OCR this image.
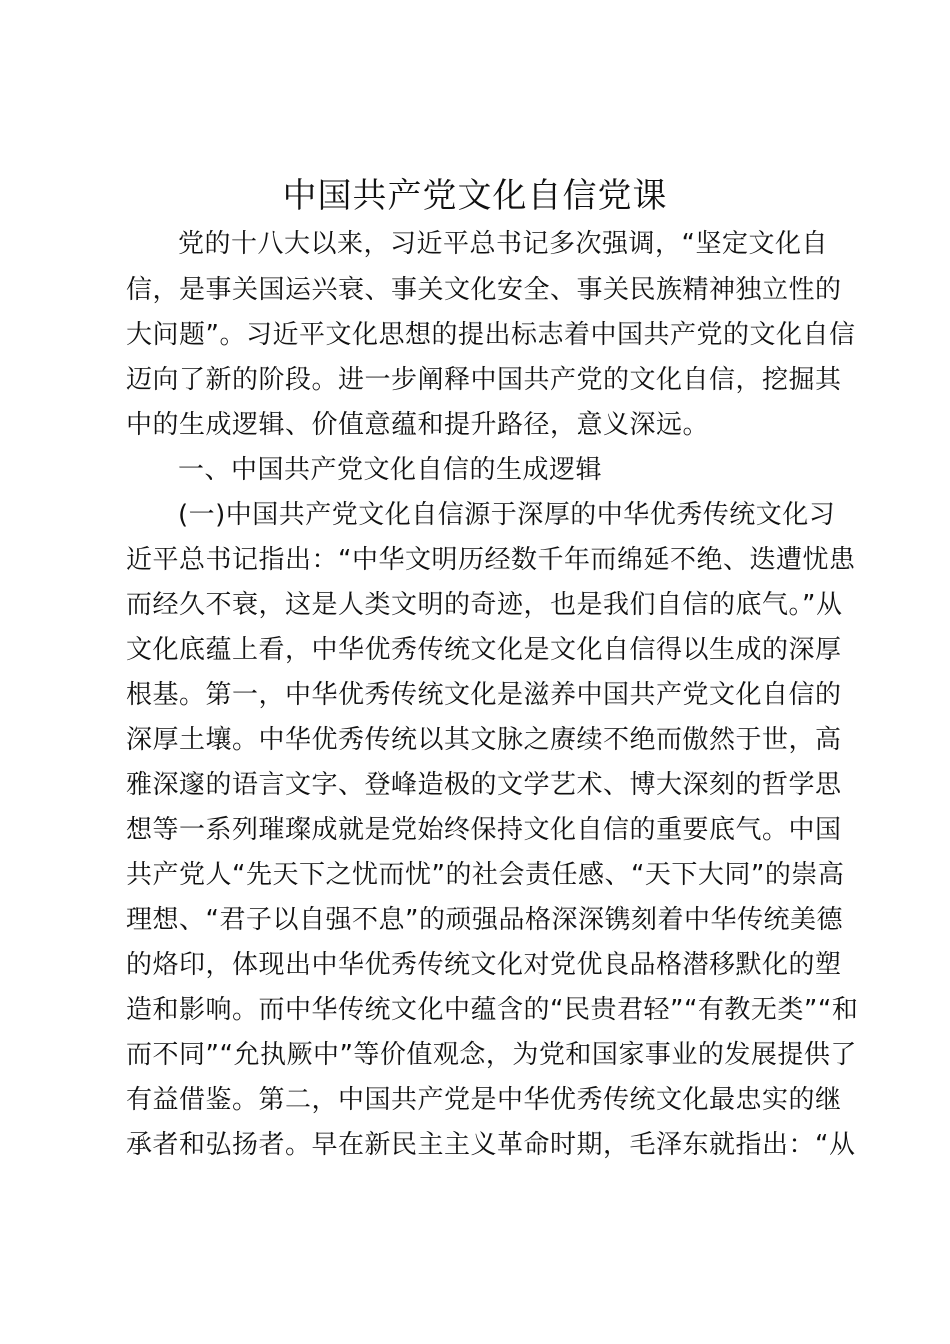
中国共产党文化自信党课
党的十八大以来，习近平总书记多次强调，“坚定文化自
信，是事关国运兴衰、事关文化安全、事关民族精神独立性的
大问题”。习近平文化思想的提出标志着中国共产党的文化自信
迈向了新的阶段。进一步阐释中国共产党的文化自信，挖掘其
中的生成逻辑、价值意蕴和提升路径，意义深远。
一、中国共产党文化自信的生成逻辑
(一)中国共产党文化自信源于深厚的中华优秀传统文化习
近平总书记指出：“中华文明历经数千年而绵延不绝、迭遭忧患
而经久不衰，这是人类文明的奇迹，也是我们自信的底气。”从
文化底蕴上看，中华优秀传统文化是文化自信得以生成的深厚
根基。第一，中华优秀传统文化是滋养中国共产党文化自信的
深厚土壤。中华优秀传统以其文脉之赓续不绝而傲然于世，高
雅深邃的语言文字、登峰造极的文学艺术、博大深刻的哲学思
想等一系列璀璨成就是党始终保持文化自信的重要底气。中国
共产党人“先天下之忧而忧”的社会责任感、“天下大同”的崇高
理想、“君子以自强不息”的顽强品格深深镌刻着中华传统美德
的烙印，体现出中华优秀传统文化对党优良品格潜移默化的塑
造和影响。而中华传统文化中蕴含的“民贵君轻”“有教无类”“和
而不同”“允执厥中”等价值观念，为党和国家事业的发展提供了
有益借鉴。第二，中国共产党是中华优秀传统文化最忠实的继
承者和弘扬者。早在新民主主义革命时期，毛泽东就指出：“从
